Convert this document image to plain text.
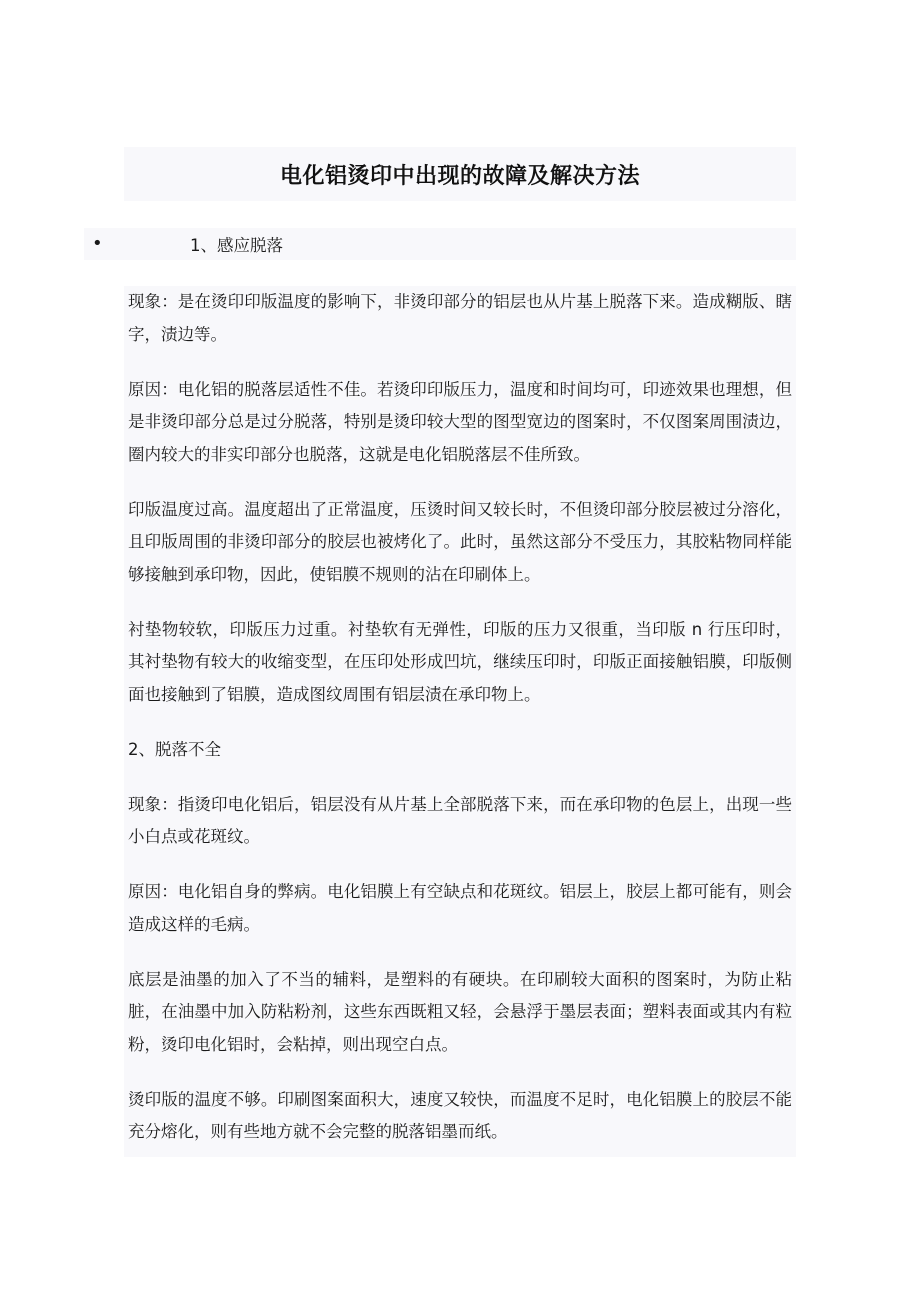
电化铝烫印中出现的故障及解决方法
•	1、感应脱落

现象：是在烫印印版温度的影响下，非烫印部分的铝层也从片基上脱落下来。造成糊版、瞎字，渍边等。

原因：电化铝的脱落层适性不佳。若烫印印版压力，温度和时间均可，印迹效果也理想，但是非烫印部分总是过分脱落，特别是烫印较大型的图型宽边的图案时，不仅图案周围渍边，圈内较大的非实印部分也脱落，这就是电化铝脱落层不佳所致。

印版温度过高。温度超出了正常温度，压烫时间又较长时，不但烫印部分胶层被过分溶化，且印版周围的非烫印部分的胶层也被烤化了。此时，虽然这部分不受压力，其胶粘物同样能够接触到承印物，因此，使铝膜不规则的沾在印刷体上。

衬垫物较软，印版压力过重。衬垫软有无弹性，印版的压力又很重，当印版 n 行压印时，其衬垫物有较大的收缩变型，在压印处形成凹坑，继续压印时，印版正面接触铝膜，印版侧面也接触到了铝膜，造成图纹周围有铝层渍在承印物上。

2、脱落不全

现象：指烫印电化铝后，铝层没有从片基上全部脱落下来，而在承印物的色层上，出现一些小白点或花斑纹。

原因：电化铝自身的弊病。电化铝膜上有空缺点和花斑纹。铝层上，胶层上都可能有，则会造成这样的毛病。

底层是油墨的加入了不当的辅料，是塑料的有硬块。在印刷较大面积的图案时，为防止粘脏，在油墨中加入防粘粉剂，这些东西既粗又轻，会悬浮于墨层表面；塑料表面或其内有粒粉，烫印电化铝时，会粘掉，则出现空白点。

烫印版的温度不够。印刷图案面积大，速度又较快，而温度不足时，电化铝膜上的胶层不能充分熔化，则有些地方就不会完整的脱落铝墨而纸。
